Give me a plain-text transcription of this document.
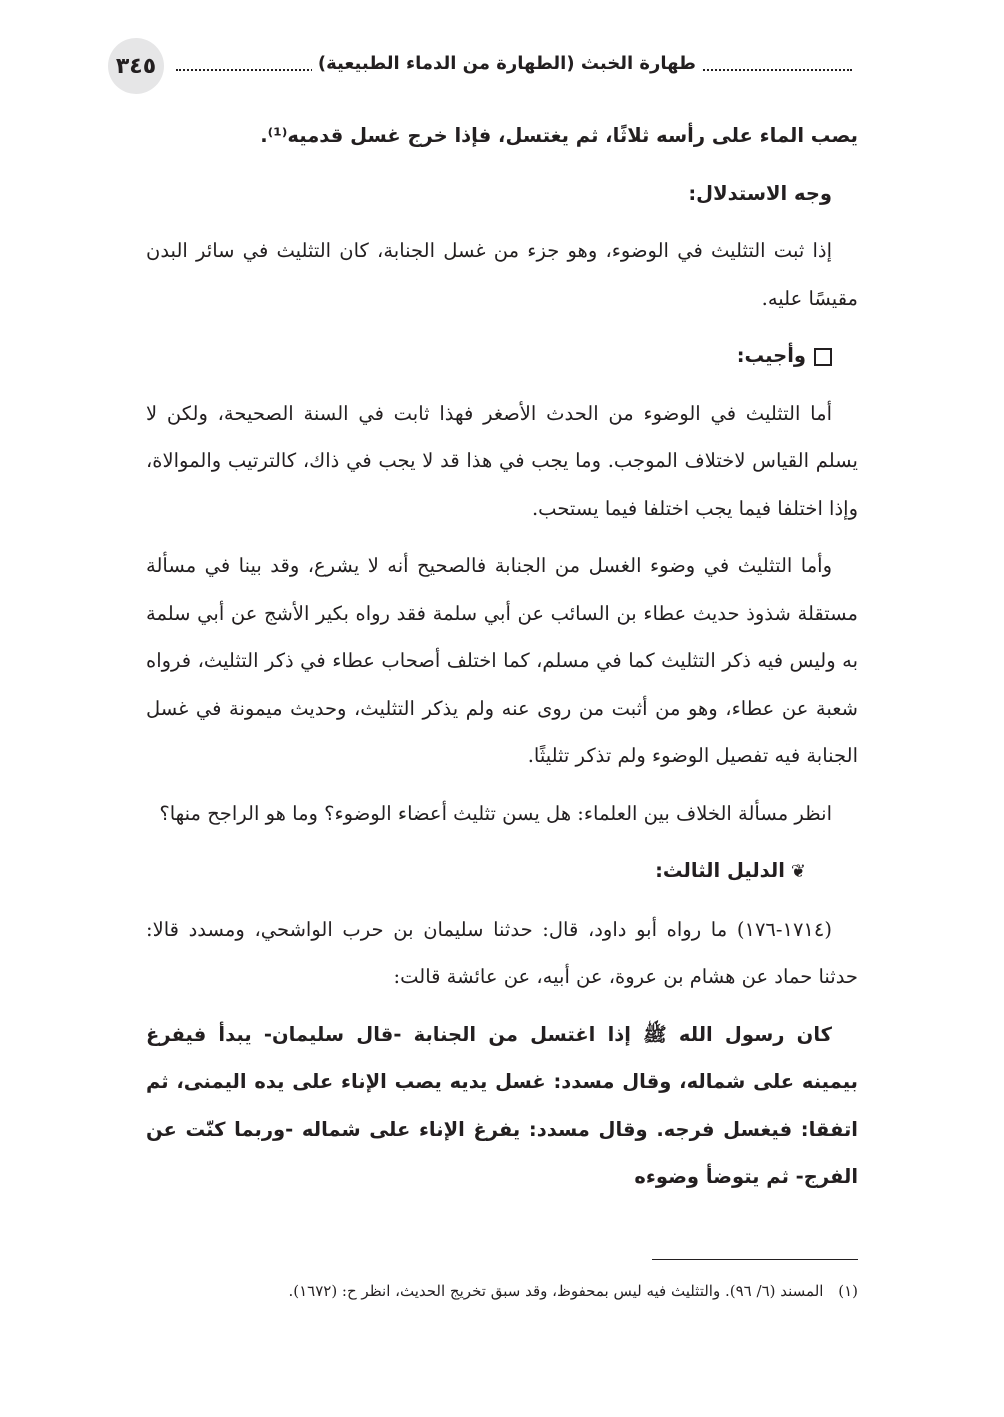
٣٤٥	طهارة الخبث (الطهارة من الدماء الطبيعية)

يصب الماء على رأسه ثلاثًا، ثم يغتسل، فإذا خرج غسل قدميه⁽¹⁾.

وجه الاستدلال:

إذا ثبت التثليث في الوضوء، وهو جزء من غسل الجنابة، كان التثليث في سائر البدن مقيسًا عليه.

وأجيب:

أما التثليث في الوضوء من الحدث الأصغر فهذا ثابت في السنة الصحيحة، ولكن لا يسلم القياس لاختلاف الموجب. وما يجب في هذا قد لا يجب في ذاك، كالترتيب والموالاة، وإذا اختلفا فيما يجب اختلفا فيما يستحب.

وأما التثليث في وضوء الغسل من الجنابة فالصحيح أنه لا يشرع، وقد بينا في مسألة مستقلة شذوذ حديث عطاء بن السائب عن أبي سلمة فقد رواه بكير الأشج عن أبي سلمة به وليس فيه ذكر التثليث كما في مسلم، كما اختلف أصحاب عطاء في ذكر التثليث، فرواه شعبة عن عطاء، وهو من أثبت من روى عنه ولم يذكر التثليث، وحديث ميمونة في غسل الجنابة فيه تفصيل الوضوء ولم تذكر تثليثًا.

انظر مسألة الخلاف بين العلماء: هل يسن تثليث أعضاء الوضوء؟ وما هو الراجح منها؟

❦الدليل الثالث:

(١٧١٤-١٧٦) ما رواه أبو داود، قال: حدثنا سليمان بن حرب الواشحي، ومسدد قالا: حدثنا حماد عن هشام بن عروة، عن أبيه، عن عائشة قالت:

كان رسول الله ﷺ إذا اغتسل من الجنابة -قال سليمان- يبدأ فيفرغ بيمينه على شماله، وقال مسدد: غسل يديه يصب الإناء على يده اليمنى، ثم اتفقا: فيغسل فرجه. وقال مسدد: يفرغ الإناء على شماله -وربما كنّت عن الفرج- ثم يتوضأ وضوءه

(١) المسند (٦/ ٩٦). والتثليث فيه ليس بمحفوظ، وقد سبق تخريج الحديث، انظر ح: (١٦٧٢).
